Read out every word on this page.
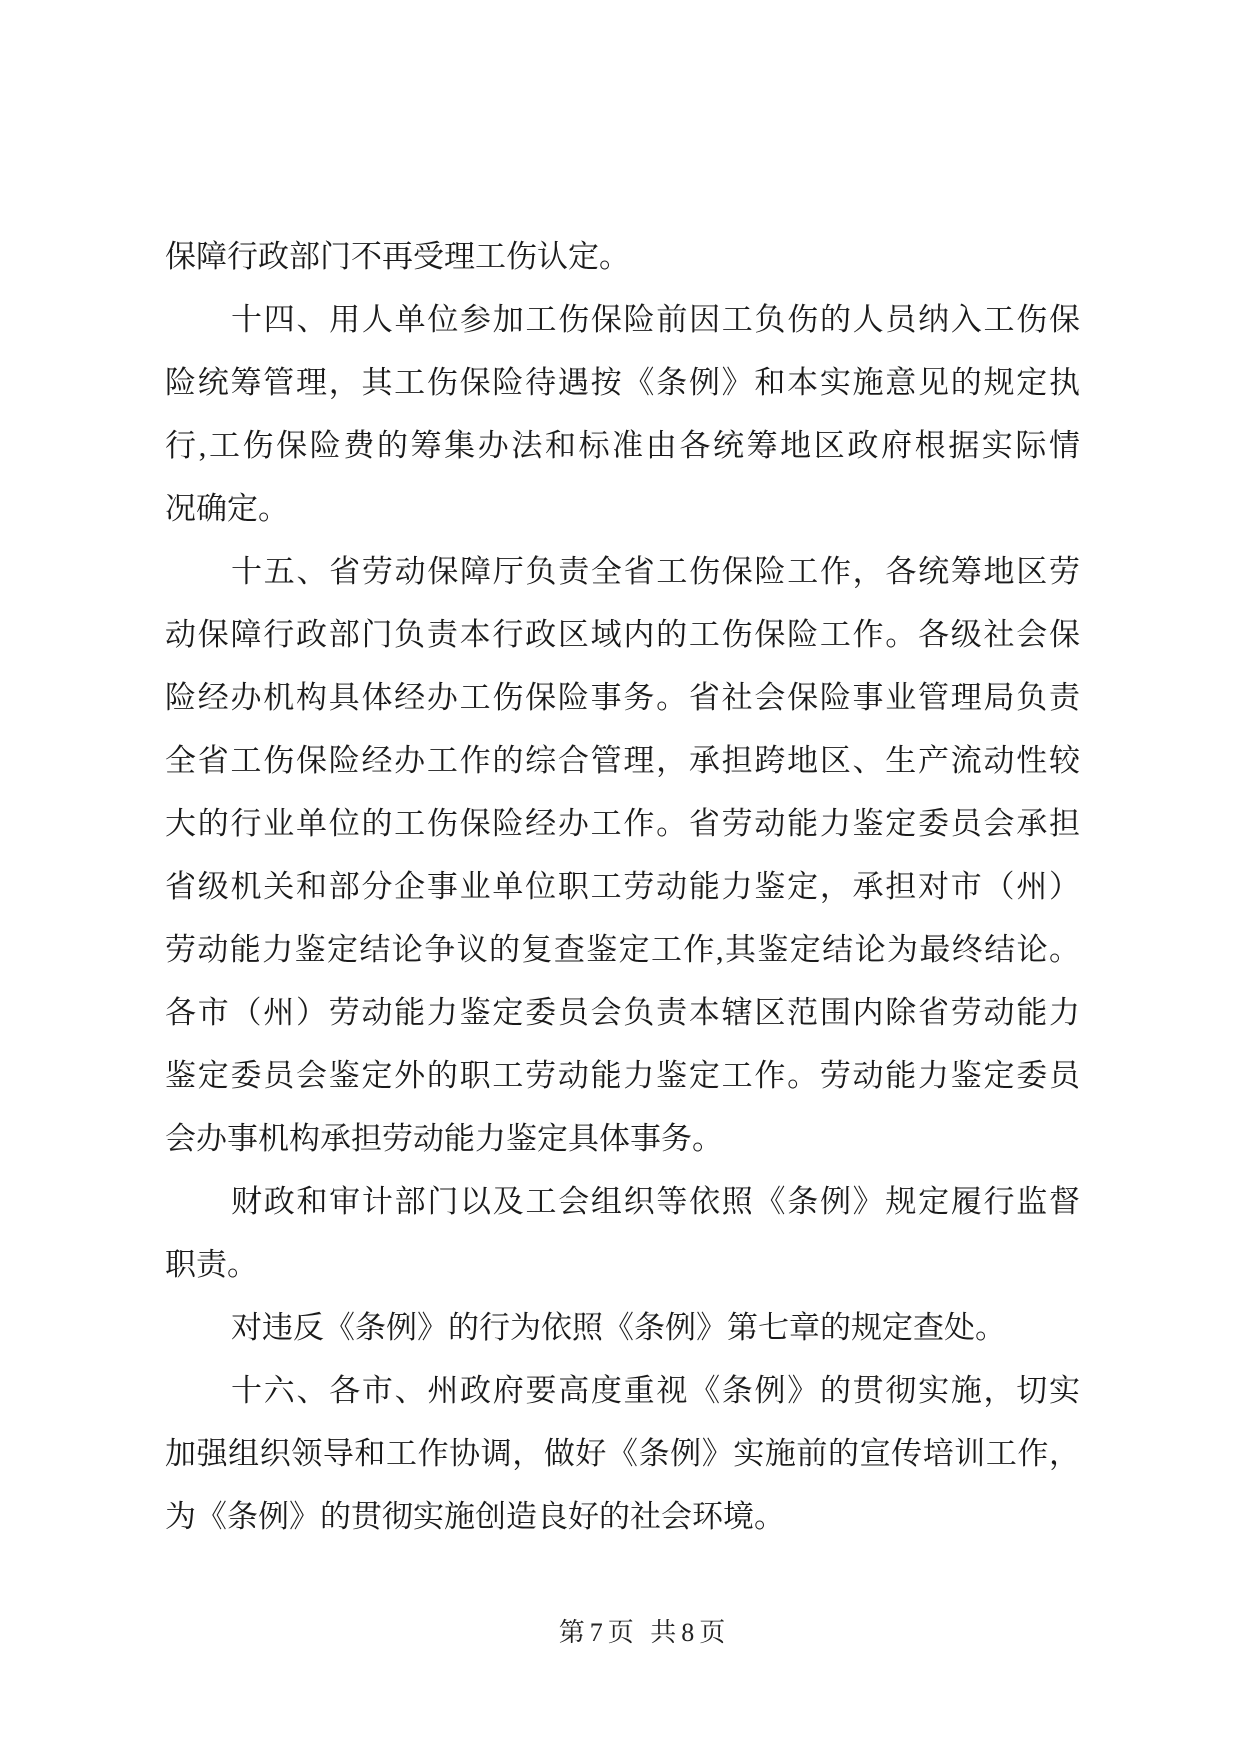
保障行政部门不再受理工伤认定。
十四、用人单位参加工伤保险前因工负伤的人员纳入工伤保
险统筹管理，其工伤保险待遇按《条例》和本实施意见的规定执
行,工伤保险费的筹集办法和标准由各统筹地区政府根据实际情
况确定。
十五、省劳动保障厅负责全省工伤保险工作，各统筹地区劳
动保障行政部门负责本行政区域内的工伤保险工作。各级社会保
险经办机构具体经办工伤保险事务。省社会保险事业管理局负责
全省工伤保险经办工作的综合管理，承担跨地区、生产流动性较
大的行业单位的工伤保险经办工作。省劳动能力鉴定委员会承担
省级机关和部分企事业单位职工劳动能力鉴定，承担对市（州）
劳动能力鉴定结论争议的复查鉴定工作,其鉴定结论为最终结论。
各市（州）劳动能力鉴定委员会负责本辖区范围内除省劳动能力
鉴定委员会鉴定外的职工劳动能力鉴定工作。劳动能力鉴定委员
会办事机构承担劳动能力鉴定具体事务。
财政和审计部门以及工会组织等依照《条例》规定履行监督
职责。
对违反《条例》的行为依照《条例》第七章的规定查处。
十六、各市、州政府要高度重视《条例》的贯彻实施，切实
加强组织领导和工作协调，做好《条例》实施前的宣传培训工作，
为《条例》的贯彻实施创造良好的社会环境。
第7页 共8页
